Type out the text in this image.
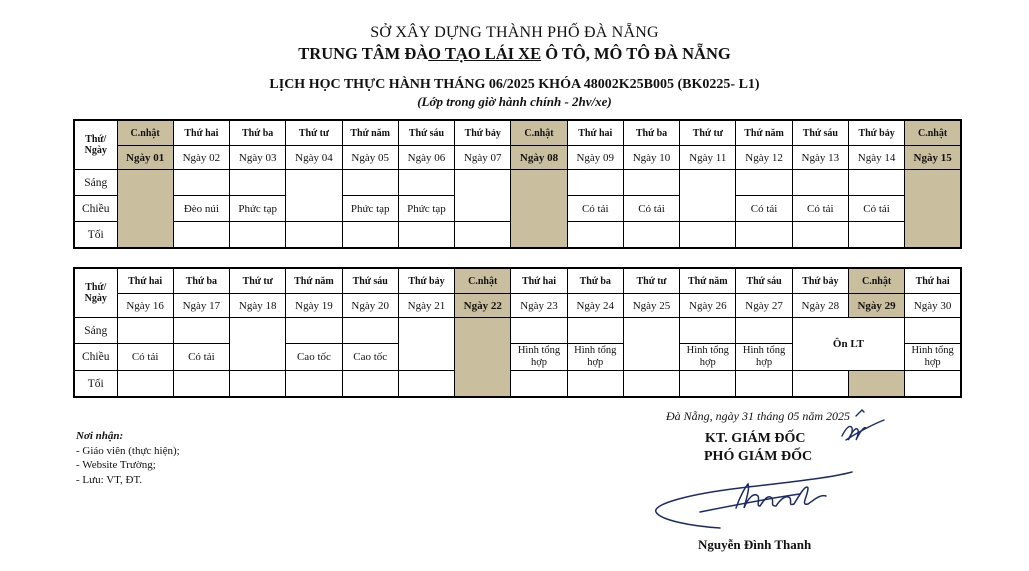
SỞ XÂY DỰNG THÀNH PHỐ ĐÀ NẴNG
TRUNG TÂM ĐÀO TẠO LÁI XE Ô TÔ, MÔ TÔ ĐÀ NẴNG
LỊCH HỌC THỰC HÀNH THÁNG 06/2025 KHÓA 48002K25B005 (BK0225- L1)
(Lớp trong giờ hành chính - 2hv/xe)
Thứ/
Ngày	C.nhật	Thứ hai	Thứ ba	Thứ tư	Thứ năm	Thứ sáu	Thứ bảy	C.nhật	Thứ hai	Thứ ba	Thứ tư	Thứ năm	Thứ sáu	Thứ bảy	C.nhật
	Ngày 01	Ngày 02	Ngày 03	Ngày 04	Ngày 05	Ngày 06	Ngày 07	Ngày 08	Ngày 09	Ngày 10	Ngày 11	Ngày 12	Ngày 13	Ngày 14	Ngày 15
Sáng															
Chiều		Đèo núi	Phức tạp		Phức tạp	Phức tạp			Có tải	Có tải		Có tải	Có tải	Có tải	
Tối															
Thứ/
Ngày	Thứ hai	Thứ ba	Thứ tư	Thứ năm	Thứ sáu	Thứ bảy	C.nhật	Thứ hai	Thứ ba	Thứ tư	Thứ năm	Thứ sáu	Thứ bảy	C.nhật	Thứ hai
	Ngày 16	Ngày 17	Ngày 18	Ngày 19	Ngày 20	Ngày 21	Ngày 22	Ngày 23	Ngày 24	Ngày 25	Ngày 26	Ngày 27	Ngày 28	Ngày 29	Ngày 30
Sáng													Ôn LT		
Chiều	Có tải	Có tải		Cao tốc	Cao tốc			Hình tổng hợp	Hình tổng hợp		Hình tổng hợp	Hình tổng hợp			Hình tổng hợp
Tối															
Đà Nẵng, ngày 31 tháng 05 năm 2025
KT. GIÁM ĐỐC
PHÓ GIÁM ĐỐC
Nguyễn Đình Thanh
Nơi nhận:
- Giáo viên (thực hiện);
- Website Trường;
- Lưu: VT, ĐT.
